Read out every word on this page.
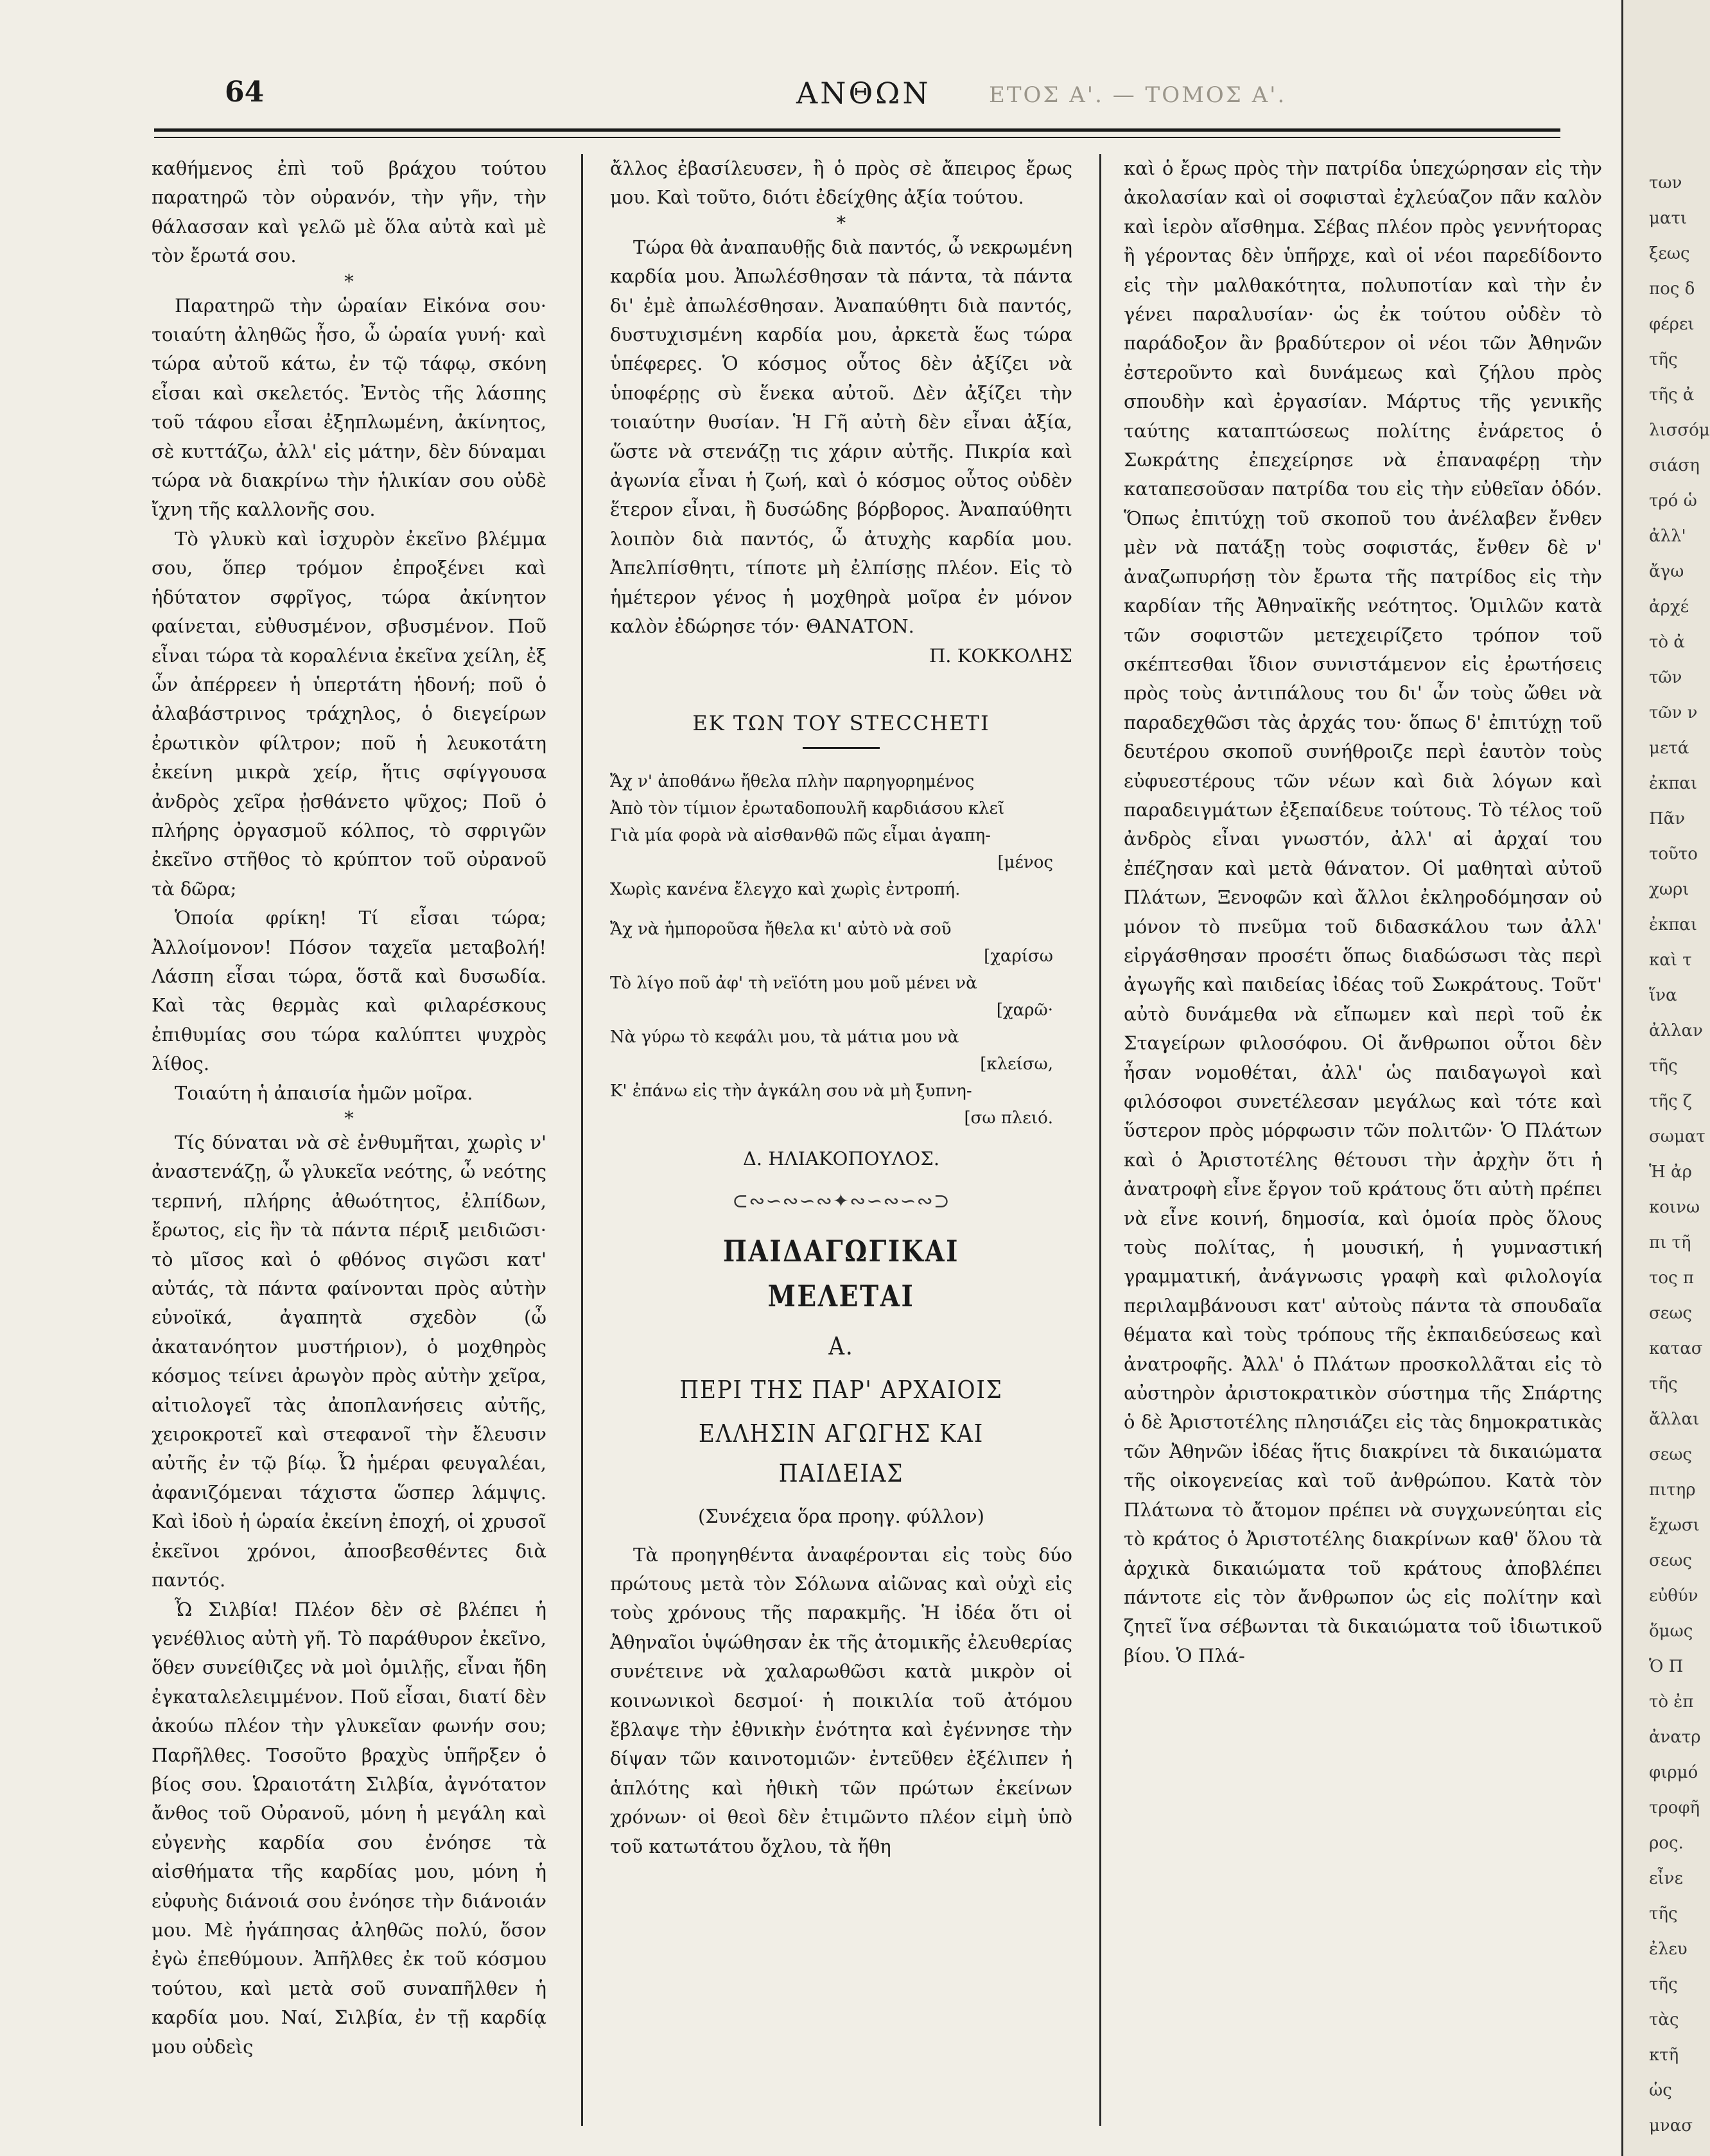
64	ΑΝΘΩΝ	ΕΤΟΣ Α'. — ΤΟΜΟΣ Α'.

καθήμενος ἐπὶ τοῦ βράχου τούτου παρατηρῶ τὸν οὐρανόν, τὴν γῆν, τὴν θάλασσαν καὶ γελῶ μὲ ὅλα αὐτὰ καὶ μὲ τὸν ἔρωτά σου.

*

Παρατηρῶ τὴν ὡραίαν Εἰκόνα σου· τοιαύτη ἀληθῶς ἦσο, ὦ ὡραία γυνή· καὶ τώρα αὐτοῦ κάτω, ἐν τῷ τάφῳ, σκόνη εἶσαι καὶ σκελετός. Ἐντὸς τῆς λάσπης τοῦ τάφου εἶσαι ἐξηπλωμένη, ἀκίνητος, σὲ κυττάζω, ἀλλ' εἰς μάτην, δὲν δύναμαι τώρα νὰ διακρίνω τὴν ἡλικίαν σου οὐδὲ ἴχνη τῆς καλλονῆς σου.

Τὸ γλυκὺ καὶ ἰσχυρὸν ἐκεῖνο βλέμμα σου, ὅπερ τρόμον ἐπροξένει καὶ ἡδύτατον σφρῖγος, τώρα ἀκίνητον φαίνεται, εὐθυσμένον, σβυσμένον. Ποῦ εἶναι τώρα τὰ κοραλένια ἐκεῖνα χείλη, ἐξ ὧν ἀπέρρεεν ἡ ὑπερτάτη ἡδονή; ποῦ ὁ ἀλαβάστρινος τράχηλος, ὁ διεγείρων ἐρωτικὸν φίλτρον; ποῦ ἡ λευκοτάτη ἐκείνη μικρὰ χείρ, ἥτις σφίγγουσα ἀνδρὸς χεῖρα ᾐσθάνετο ψῦχος; Ποῦ ὁ πλήρης ὀργασμοῦ κόλπος, τὸ σφριγῶν ἐκεῖνο στῆθος τὸ κρύπτον τοῦ οὐρανοῦ τὰ δῶρα;

Ὁποία φρίκη! Τί εἶσαι τώρα; Ἀλλοίμονον! Πόσον ταχεῖα μεταβολή! Λάσπη εἶσαι τώρα, ὅστᾶ καὶ δυσωδία. Καὶ τὰς θερμὰς καὶ φιλαρέσκους ἐπιθυμίας σου τώρα καλύπτει ψυχρὸς λίθος.

Τοιαύτη ἡ ἀπαισία ἡμῶν μοῖρα.

*

Τίς δύναται νὰ σὲ ἐνθυμῆται, χωρὶς ν' ἀναστενάζῃ, ὦ γλυκεῖα νεότης, ὦ νεότης τερπνή, πλήρης ἀθωότητος, ἐλπίδων, ἔρωτος, εἰς ἣν τὰ πάντα πέριξ μειδιῶσι· τὸ μῖσος καὶ ὁ φθόνος σιγῶσι κατ' αὐτάς, τὰ πάντα φαίνονται πρὸς αὐτὴν εὐνοϊκά, ἀγαπητὰ σχεδὸν (ὦ ἀκατανόητον μυστήριον), ὁ μοχθηρὸς κόσμος τείνει ἀρωγὸν πρὸς αὐτὴν χεῖρα, αἰτιολογεῖ τὰς ἀποπλανήσεις αὐτῆς, χειροκροτεῖ καὶ στεφανοῖ τὴν ἔλευσιν αὐτῆς ἐν τῷ βίῳ. Ὦ ἡμέραι φευγαλέαι, ἀφανιζόμεναι τάχιστα ὥσπερ λάμψις. Καὶ ἰδοὺ ἡ ὡραία ἐκείνη ἐποχή, οἱ χρυσοῖ ἐκεῖνοι χρόνοι, ἀποσβεσθέντες διὰ παντός.

Ὦ Σιλβία! Πλέον δὲν σὲ βλέπει ἡ γενέθλιος αὐτὴ γῆ. Τὸ παράθυρον ἐκεῖνο, ὅθεν συνείθιζες νὰ μοὶ ὁμιλῇς, εἶναι ἤδη ἐγκαταλελειμμένον. Ποῦ εἶσαι, διατί δὲν ἀκούω πλέον τὴν γλυκεῖαν φωνήν σου; Παρῆλθες. Τοσοῦτο βραχὺς ὑπῆρξεν ὁ βίος σου. Ὡραιοτάτη Σιλβία, ἀγνότατον ἄνθος τοῦ Οὐρανοῦ, μόνη ἡ μεγάλη καὶ εὐγενὴς καρδία σου ἐνόησε τὰ αἰσθήματα τῆς καρδίας μου, μόνη ἡ εὐφυὴς διάνοιά σου ἐνόησε τὴν διάνοιάν μου. Μὲ ἠγάπησας ἀληθῶς πολύ, ὅσον ἐγὼ ἐπεθύμουν. Ἀπῆλθες ἐκ τοῦ κόσμου τούτου, καὶ μετὰ σοῦ συναπῆλθεν ἡ καρδία μου. Ναί, Σιλβία, ἐν τῇ καρδίᾳ μου οὐδεὶς

ἄλλος ἐβασίλευσεν, ἢ ὁ πρὸς σὲ ἄπειρος ἔρως μου. Καὶ τοῦτο, διότι ἐδείχθης ἀξία τούτου.

*

Τώρα θὰ ἀναπαυθῇς διὰ παντός, ὦ νεκρωμένη καρδία μου. Ἀπωλέσθησαν τὰ πάντα, τὰ πάντα δι' ἐμὲ ἀπωλέσθησαν. Ἀναπαύθητι διὰ παντός, δυστυχισμένη καρδία μου, ἀρκετὰ ἕως τώρα ὑπέφερες. Ὁ κόσμος οὗτος δὲν ἀξίζει νὰ ὑποφέρῃς σὺ ἕνεκα αὐτοῦ. Δὲν ἀξίζει τὴν τοιαύτην θυσίαν. Ἡ Γῆ αὐτὴ δὲν εἶναι ἀξία, ὥστε νὰ στενάζῃ τις χάριν αὐτῆς. Πικρία καὶ ἀγωνία εἶναι ἡ ζωή, καὶ ὁ κόσμος οὗτος οὐδὲν ἕτερον εἶναι, ἢ δυσώδης βόρβορος. Ἀναπαύθητι λοιπὸν διὰ παντός, ὦ ἀτυχὴς καρδία μου. Ἀπελπίσθητι, τίποτε μὴ ἐλπίσῃς πλέον. Εἰς τὸ ἡμέτερον γένος ἡ μοχθηρὰ μοῖρα ἐν μόνον καλὸν ἐδώρησε τόν· ΘΑΝΑΤΟΝ.

Π. ΚΟΚΚΟΛΗΣ

ΕΚ ΤΩΝ ΤΟΥ STECCHETI

Ἄχ ν' ἀποθάνω ἤθελα πλὴν παρηγορημένος

Ἀπὸ τὸν τίμιον ἐρωταδοπουλῆ καρδιάσου κλεῖ

Γιὰ μία φορὰ νὰ αἰσθανθῶ πῶς εἶμαι ἀγαπη-

[μένος

Χωρὶς κανένα ἔλεγχο καὶ χωρὶς ἐντροπή.

Ἄχ νὰ ἠμποροῦσα ἤθελα κι' αὐτὸ νὰ σοῦ

[χαρίσω

Τὸ λίγο ποῦ ἀφ' τὴ νεϊότη μου μοῦ μένει νὰ

[χαρῶ·

Νὰ γύρω τὸ κεφάλι μου, τὰ μάτια μου νὰ

[κλείσω,

Κ' ἐπάνω εἰς τὴν ἀγκάλη σου νὰ μὴ ξυπνη-

[σω πλειό.

Δ. ΗΛΙΑΚΟΠΟΥΛΟΣ.

⊂∾∽∾∽∾✦∾∽∾∽∾⊃
ΠΑΙΔΑΓΩΓΙΚΑΙ ΜΕΛΕΤΑΙ
Α.
ΠΕΡΙ ΤΗΣ ΠΑΡ' ΑΡΧΑΙΟΙΣ
ΕΛΛΗΣΙΝ ΑΓΩΓΗΣ ΚΑΙ ΠΑΙΔΕΙΑΣ
(Συνέχεια ὅρα προηγ. φύλλον)

Τὰ προηγηθέντα ἀναφέρονται εἰς τοὺς δύο πρώτους μετὰ τὸν Σόλωνα αἰῶνας καὶ οὐχὶ εἰς τοὺς χρόνους τῆς παρακμῆς. Ἡ ἰδέα ὅτι οἱ Ἀθηναῖοι ὑψώθησαν ἐκ τῆς ἀτομικῆς ἐλευθερίας συνέτεινε νὰ χαλαρωθῶσι κατὰ μικρὸν οἱ κοινωνικοὶ δεσμοί· ἡ ποικιλία τοῦ ἀτόμου ἔβλαψε τὴν ἐθνικὴν ἑνότητα καὶ ἐγέννησε τὴν δίψαν τῶν καινοτομιῶν· ἐντεῦθεν ἐξέλιπεν ἡ ἁπλότης καὶ ἠθικὴ τῶν πρώτων ἐκείνων χρόνων· οἱ θεοὶ δὲν ἐτιμῶντο πλέον εἰμὴ ὑπὸ τοῦ κατωτάτου ὄχλου, τὰ ἤθη

καὶ ὁ ἔρως πρὸς τὴν πατρίδα ὑπεχώρησαν εἰς τὴν ἀκολασίαν καὶ οἱ σοφισταὶ ἐχλεύαζον πᾶν καλὸν καὶ ἱερὸν αἴσθημα. Σέβας πλέον πρὸς γεννήτορας ἢ γέροντας δὲν ὑπῆρχε, καὶ οἱ νέοι παρεδίδοντο εἰς τὴν μαλθακότητα, πολυποτίαν καὶ τὴν ἐν γένει παραλυσίαν· ὡς ἐκ τούτου οὐδὲν τὸ παράδοξον ἂν βραδύτερον οἱ νέοι τῶν Ἀθηνῶν ἐστεροῦντο καὶ δυνάμεως καὶ ζήλου πρὸς σπουδὴν καὶ ἐργασίαν. Μάρτυς τῆς γενικῆς ταύτης καταπτώσεως πολίτης ἐνάρετος ὁ Σωκράτης ἐπεχείρησε νὰ ἐπαναφέρῃ τὴν καταπεσοῦσαν πατρίδα του εἰς τὴν εὐθεῖαν ὁδόν. Ὅπως ἐπιτύχῃ τοῦ σκοποῦ του ἀνέλαβεν ἔνθεν μὲν νὰ πατάξῃ τοὺς σοφιστάς, ἔνθεν δὲ ν' ἀναζωπυρήσῃ τὸν ἔρωτα τῆς πατρίδος εἰς τὴν καρδίαν τῆς Ἀθηναϊκῆς νεότητος. Ὁμιλῶν κατὰ τῶν σοφιστῶν μετεχειρίζετο τρόπον τοῦ σκέπτεσθαι ἴδιον συνιστάμενον εἰς ἐρωτήσεις πρὸς τοὺς ἀντιπάλους του δι' ὧν τοὺς ὤθει νὰ παραδεχθῶσι τὰς ἀρχάς του· ὅπως δ' ἐπιτύχῃ τοῦ δευτέρου σκοποῦ συνήθροιζε περὶ ἑαυτὸν τοὺς εὐφυεστέρους τῶν νέων καὶ διὰ λόγων καὶ παραδειγμάτων ἐξεπαίδευε τούτους. Τὸ τέλος τοῦ ἀνδρὸς εἶναι γνωστόν, ἀλλ' αἱ ἀρχαί του ἐπέζησαν καὶ μετὰ θάνατον. Οἱ μαθηταὶ αὐτοῦ Πλάτων, Ξενοφῶν καὶ ἄλλοι ἐκληροδόμησαν οὐ μόνον τὸ πνεῦμα τοῦ διδασκάλου των ἀλλ' εἰργάσθησαν προσέτι ὅπως διαδώσωσι τὰς περὶ ἀγωγῆς καὶ παιδείας ἰδέας τοῦ Σωκράτους. Τοῦτ' αὐτὸ δυνάμεθα νὰ εἴπωμεν καὶ περὶ τοῦ ἐκ Σταγείρων φιλοσόφου. Οἱ ἄνθρωποι οὗτοι δὲν ἦσαν νομοθέται, ἀλλ' ὡς παιδαγωγοὶ καὶ φιλόσοφοι συνετέλεσαν μεγάλως καὶ τότε καὶ ὕστερον πρὸς μόρφωσιν τῶν πολιτῶν· Ὁ Πλάτων καὶ ὁ Ἀριστοτέλης θέτουσι τὴν ἀρχὴν ὅτι ἡ ἀνατροφὴ εἶνε ἔργον τοῦ κράτους ὅτι αὐτὴ πρέπει νὰ εἶνε κοινή, δημοσία, καὶ ὁμοία πρὸς ὅλους τοὺς πολίτας, ἡ μουσική, ἡ γυμναστική γραμματική, ἀνάγνωσις γραφὴ καὶ φιλολογία περιλαμβάνουσι κατ' αὐτοὺς πάντα τὰ σπουδαῖα θέματα καὶ τοὺς τρόπους τῆς ἐκπαιδεύσεως καὶ ἀνατροφῆς. Ἀλλ' ὁ Πλάτων προσκολλᾶται εἰς τὸ αὐστηρὸν ἀριστοκρατικὸν σύστημα τῆς Σπάρτης ὁ δὲ Ἀριστοτέλης πλησιάζει εἰς τὰς δημοκρατικὰς τῶν Ἀθηνῶν ἰδέας ἥτις διακρίνει τὰ δικαιώματα τῆς οἰκογενείας καὶ τοῦ ἀνθρώπου. Κατὰ τὸν Πλάτωνα τὸ ἄτομον πρέπει νὰ συγχωνεύηται εἰς τὸ κράτος ὁ Ἀριστοτέλης διακρίνων καθ' ὅλου τὰ ἀρχικὰ δικαιώματα τοῦ κράτους ἀποβλέπει πάντοτε εἰς τὸν ἄνθρωπον ὡς εἰς πολίτην καὶ ζητεῖ ἵνα σέβωνται τὰ δικαιώματα τοῦ ἰδιωτικοῦ βίου. Ὁ Πλά-

των
ματι
ξεως
πος δ
φέρει
τῆς
τῆς ἀ
λισσόμ
σιάση
τρό ὡ
ἀλλ'
ἄγω
ἀρχέ
τὸ ἀ
τῶν
τῶν ν
μετά
ἐκπαι
Πᾶν
τοῦτο
χωρι
ἐκπαι
καὶ τ
ἵνα
ἀλλαν
τῆς
τῆς ζ
σωματ
Ἡ ἀρ
κοινω
πι τῆ
τος π
σεως
κατασ
τῆς
ἄλλαι
σεως
πιτηρ
ἔχωσι
σεως
εὐθύν
ὅμως
Ὁ Π
τὸ ἐπ
ἀνατρ
φιρμό
τροφῆ
ρος.
εἶνε
τῆς
ἐλευ
τῆς
τὰς
κτῆ
ὡς
μνασ
